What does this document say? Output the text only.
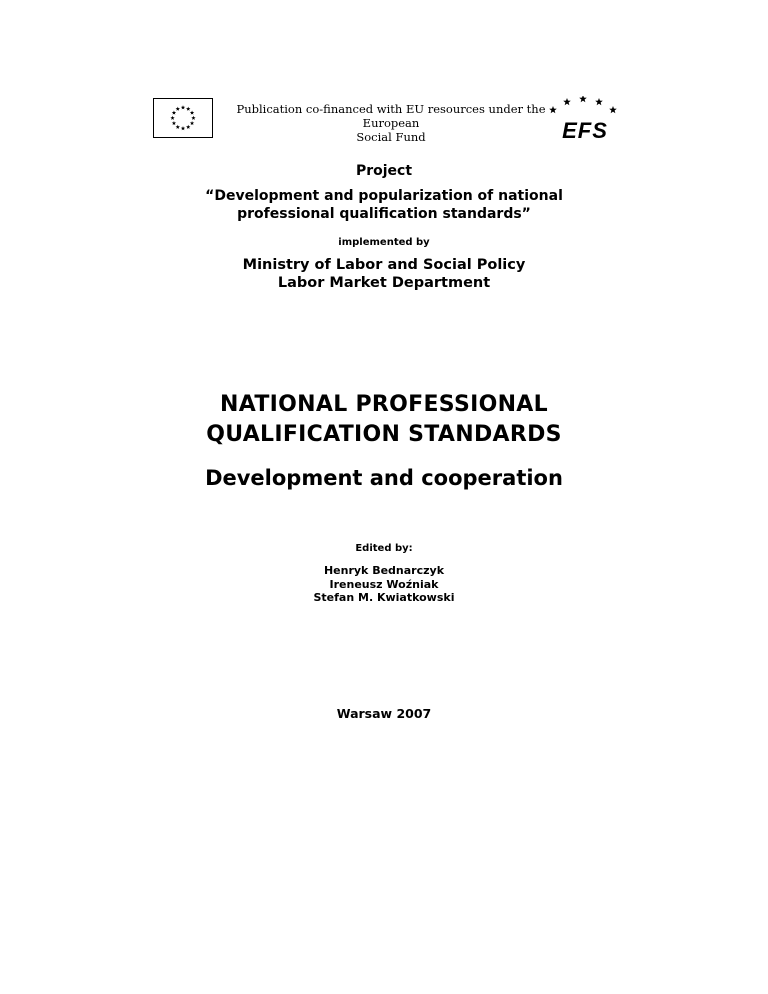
Publication co-financed with EU resources under the European
Social Fund	EFS
Project
“Development and popularization of national
professional qualification standards”
implemented by
Ministry of Labor and Social Policy
Labor Market Department
NATIONAL PROFESSIONAL
QUALIFICATION STANDARDS
Development and cooperation
Edited by:
Henryk Bednarczyk
Ireneusz Woźniak
Stefan M. Kwiatkowski
Warsaw 2007
